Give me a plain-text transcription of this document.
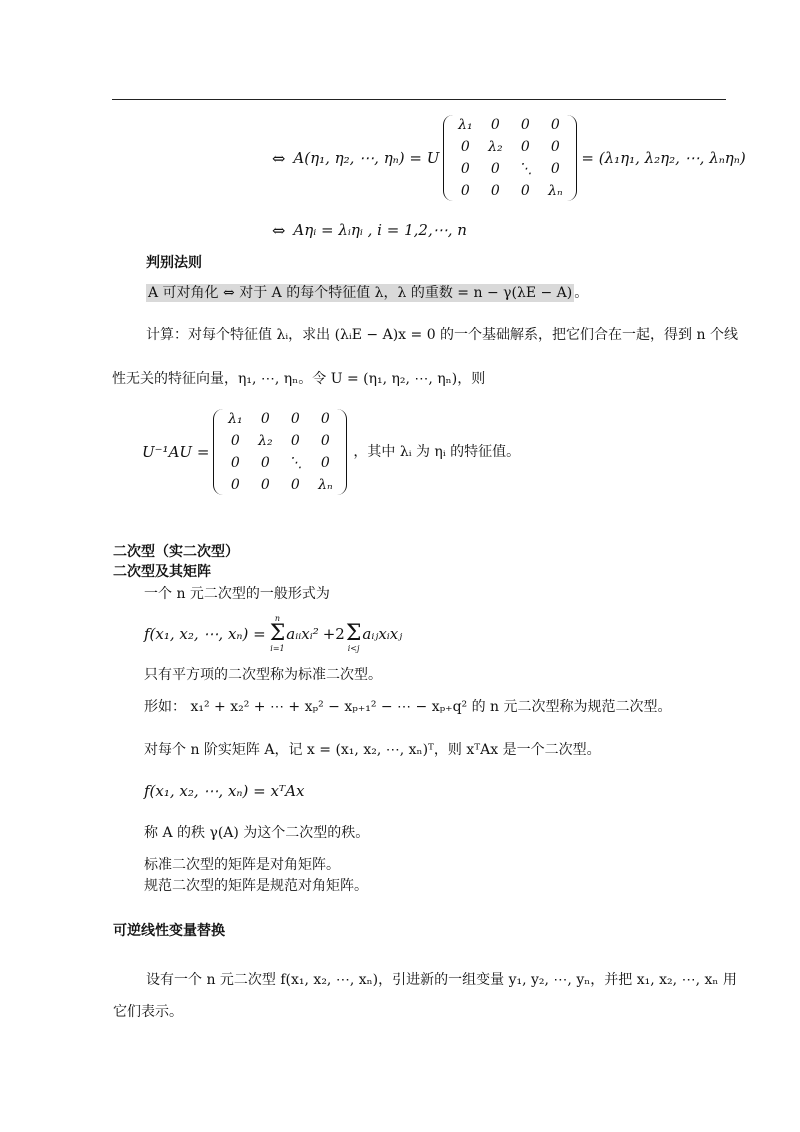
⇔ A(η₁, η₂, ⋯, ηₙ) = U
λ₁	0	0	0
0	λ₂	0	0
0	0	⋱	0
0	0	0	λₙ
= (λ₁η₁, λ₂η₂, ⋯, λₙηₙ)
⇔ Aηᵢ = λᵢηᵢ , i = 1,2,⋯, n
判别法则
A 可对角化 ⇔ 对于 A 的每个特征值 λ，λ 的重数 = n − γ(λE − A) 。
计算：对每个特征值 λᵢ，求出 (λᵢE − A)x = 0 的一个基础解系，把它们合在一起，得到 n 个线
性无关的特征向量，η₁, ⋯, ηₙ。令 U = (η₁, η₂, ⋯, ηₙ)，则
U⁻¹AU =
λ₁	0	0	0
0	λ₂	0	0
0	0	⋱	0
0	0	0	λₙ
，其中 λᵢ 为 ηᵢ 的特征值。
二次型（实二次型）
二次型及其矩阵
一个 n 元二次型的一般形式为
f(x₁, x₂, ⋯, xₙ) =
n
Σ
i=1
aᵢᵢxᵢ² +2
Σ
i<j
aᵢⱼxᵢxⱼ
只有平方项的二次型称为标准二次型。
形如： x₁² + x₂² + ⋯ + xₚ² − xₚ₊₁² − ⋯ − xₚ₊q² 的 n 元二次型称为规范二次型。
对每个 n 阶实矩阵 A，记 x = (x₁, x₂, ⋯, xₙ)ᵀ，则 xᵀAx 是一个二次型。
f(x₁, x₂, ⋯, xₙ) = xᵀAx
称 A 的秩 γ(A) 为这个二次型的秩。
标准二次型的矩阵是对角矩阵。
规范二次型的矩阵是规范对角矩阵。
可逆线性变量替换
设有一个 n 元二次型 f(x₁, x₂, ⋯, xₙ)，引进新的一组变量 y₁, y₂, ⋯, yₙ，并把 x₁, x₂, ⋯, xₙ 用
它们表示。
